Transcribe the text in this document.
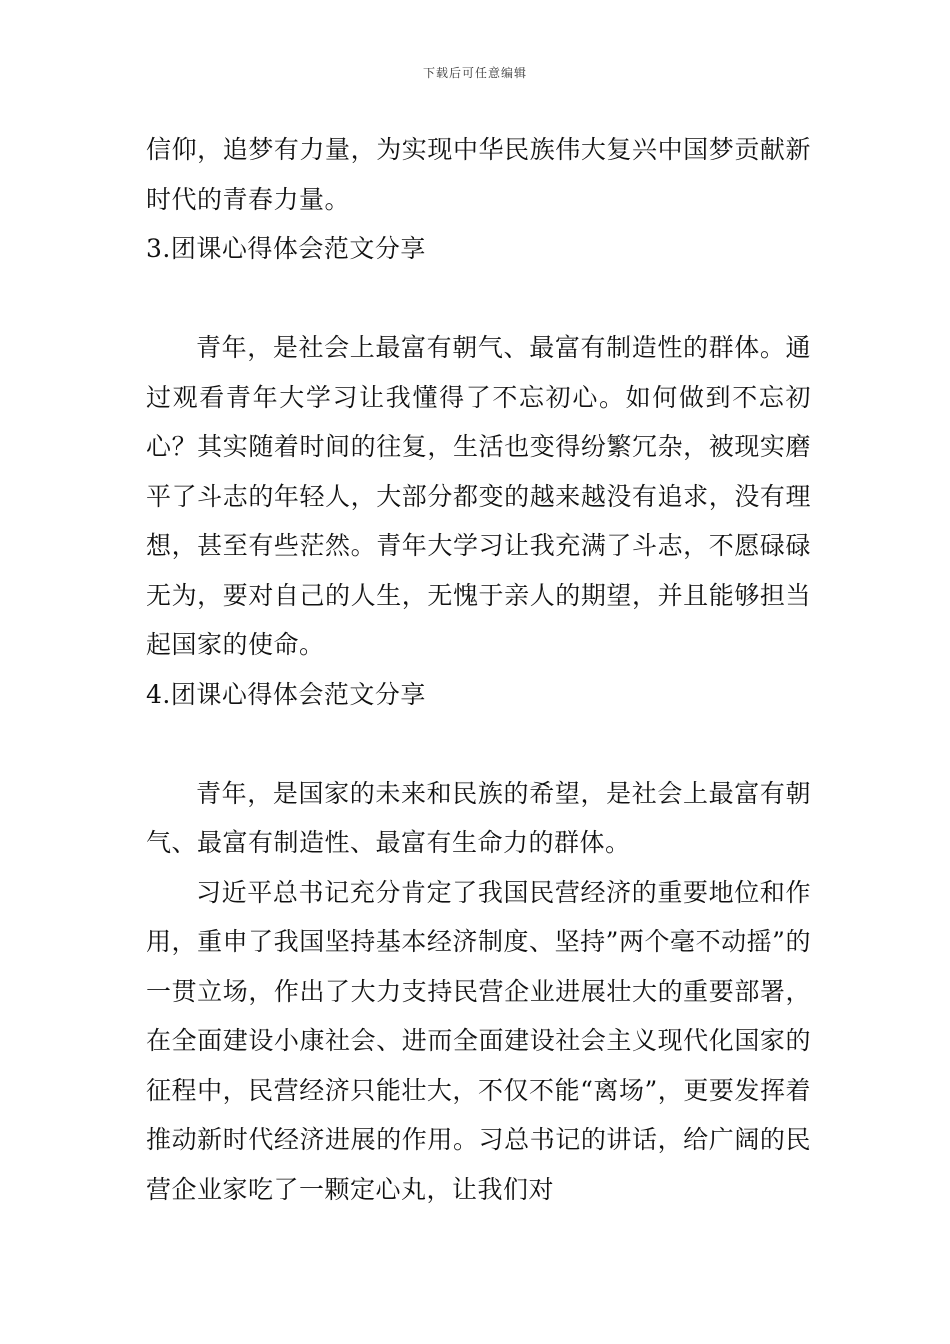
下载后可任意编辑

信仰，追梦有力量，为实现中华民族伟大复兴中国梦贡献新时代的青春力量。

3.团课心得体会范文分享

青年，是社会上最富有朝气、最富有制造性的群体。通过观看青年大学习让我懂得了不忘初心。如何做到不忘初心？其实随着时间的往复，生活也变得纷繁冗杂，被现实磨平了斗志的年轻人，大部分都变的越来越没有追求，没有理想，甚至有些茫然。青年大学习让我充满了斗志，不愿碌碌无为，要对自己的人生，无愧于亲人的期望，并且能够担当起国家的使命。

4.团课心得体会范文分享

青年，是国家的未来和民族的希望，是社会上最富有朝气、最富有制造性、最富有生命力的群体。

习近平总书记充分肯定了我国民营经济的重要地位和作用，重申了我国坚持基本经济制度、坚持”两个毫不动摇”的一贯立场，作出了大力支持民营企业进展壮大的重要部署，在全面建设小康社会、进而全面建设社会主义现代化国家的征程中，民营经济只能壮大，不仅不能“离场”，更要发挥着推动新时代经济进展的作用。习总书记的讲话，给广阔的民营企业家吃了一颗定心丸，让我们对
